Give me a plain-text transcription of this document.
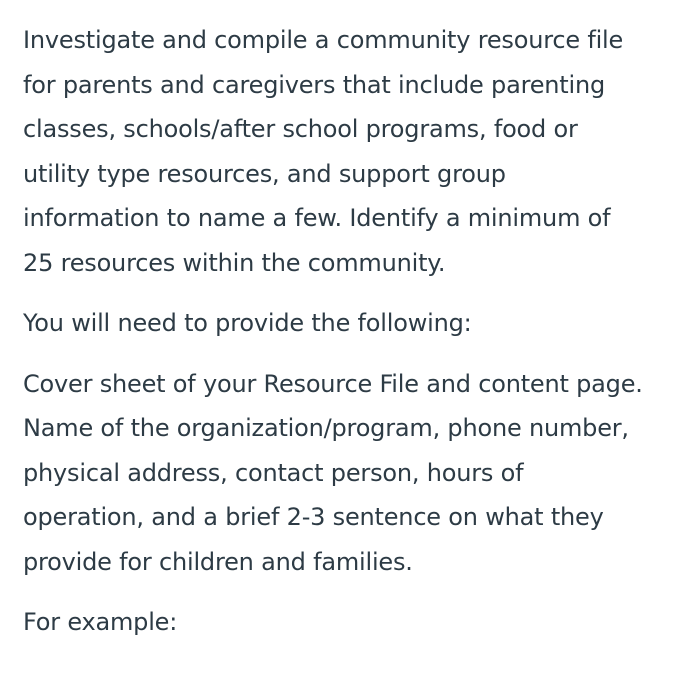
Investigate and compile a community resource file
for parents and caregivers that include parenting
classes, schools/after school programs, food or
utility type resources, and support group
information to name a few. Identify a minimum of
25 resources within the community.

You will need to provide the following:

Cover sheet of your Resource File and content page.
Name of the organization/program, phone number,
physical address, contact person, hours of
operation, and a brief 2-3 sentence on what they
provide for children and families.

For example:
